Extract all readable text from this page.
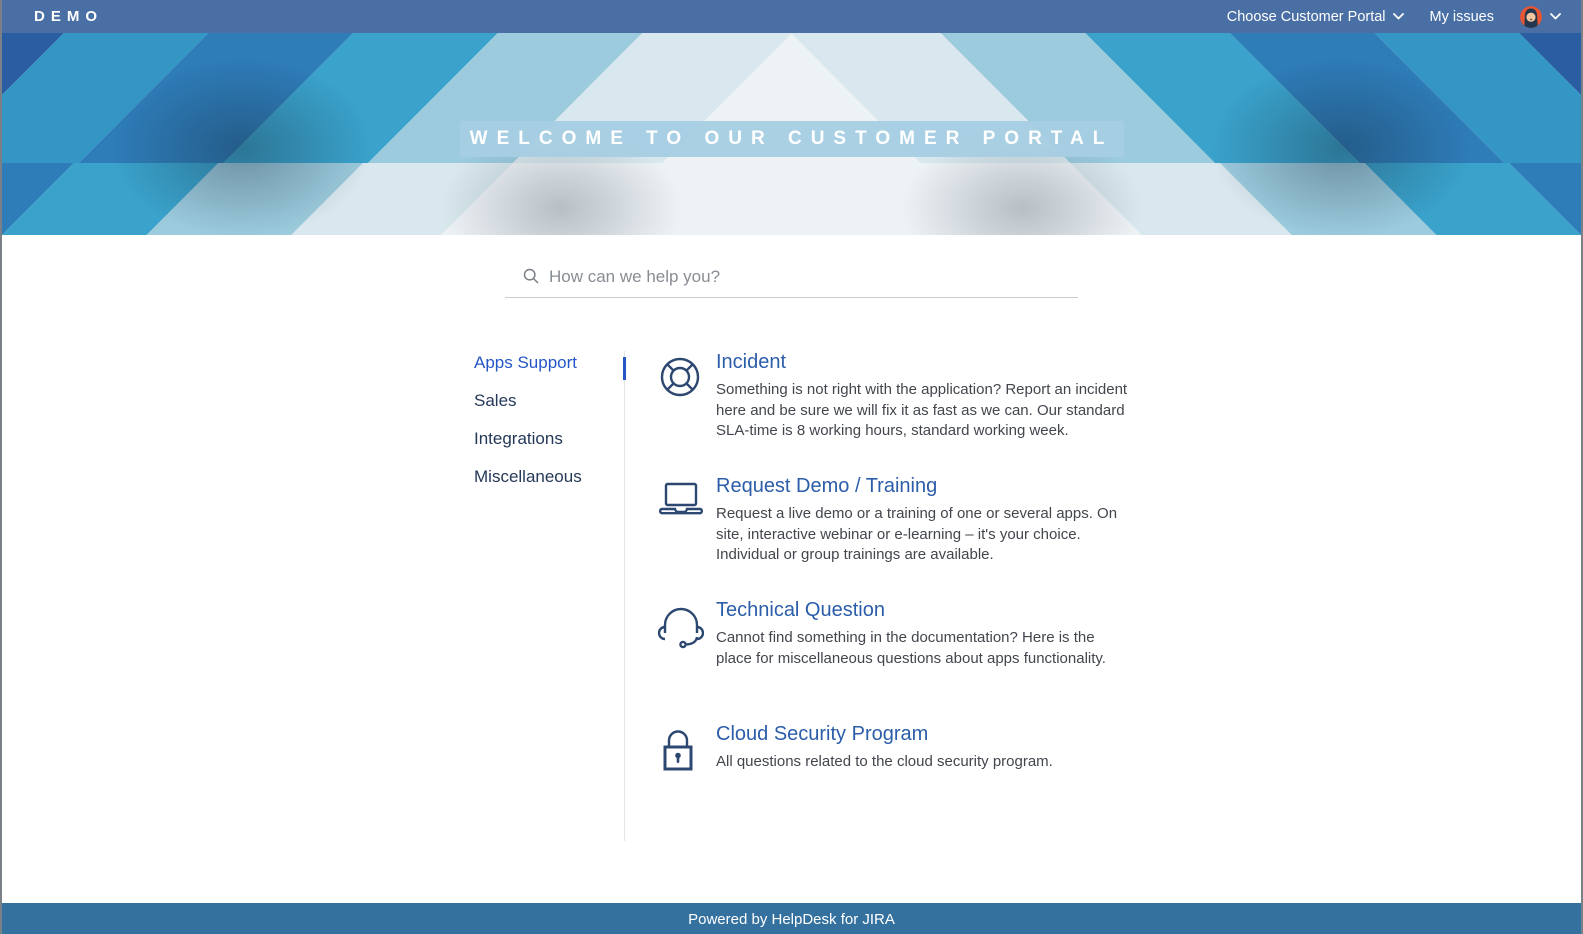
DEMO	Choose Customer Portal	My issues
WELCOME TO OUR CUSTOMER PORTAL
How can we help you?
Apps Support
Sales
Integrations
Miscellaneous
Incident

Something is not right with the application? Report an incident here and be sure we will fix it as fast as we can. Our standard SLA-time is 8 working hours, standard working week.

Request Demo / Training

Request a live demo or a training of one or several apps. On site, interactive webinar or e-learning – it's your choice. Individual or group trainings are available.

Technical Question

Cannot find something in the documentation? Here is the place for miscellaneous questions about apps functionality.

Cloud Security Program

All questions related to the cloud security program.

Powered by HelpDesk for JIRA
